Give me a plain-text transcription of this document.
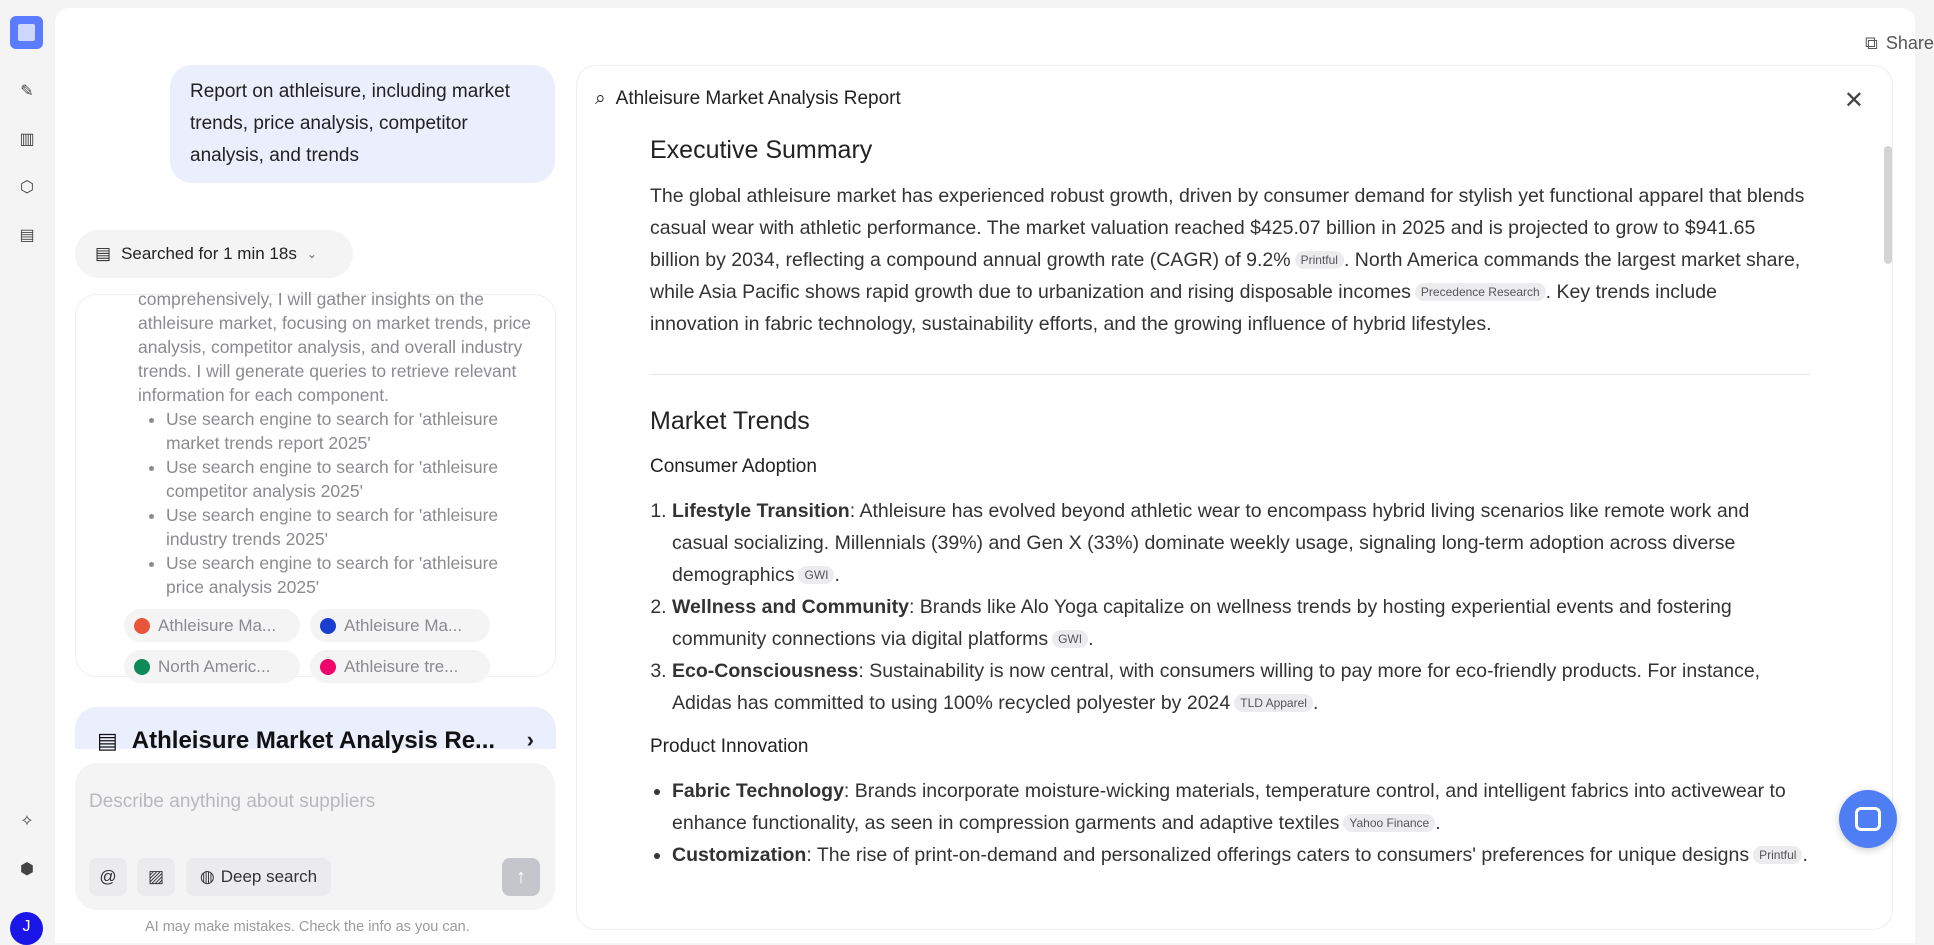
✎
▥
⬡
▤
✧
⬢
J
⧉ Share
Report on athleisure, including market trends, price analysis, competitor analysis, and trends
▤ Searched for 1 min 18s ⌄

comprehensively, I will gather insights on the athleisure market, focusing on market trends, price analysis, competitor analysis, and overall industry trends. I will generate queries to retrieve relevant information for each component.

• Use search engine to search for 'athleisure market trends report 2025'
• Use search engine to search for 'athleisure competitor analysis 2025'
• Use search engine to search for 'athleisure industry trends 2025'
• Use search engine to search for 'athleisure price analysis 2025'
Athleisure Ma...	Athleisure Ma...
North Americ...	Athleisure tre...
▤ Athleisure Market Analysis Re...	›
Describe anything about suppliers
@	▨	◍ Deep search	↑
AI may make mistakes. Check the info as you can.
⌕ Athleisure Market Analysis Report	✕
Executive Summary

The global athleisure market has experienced robust growth, driven by consumer demand for stylish yet functional apparel that blends casual wear with athletic performance. The market valuation reached $425.07 billion in 2025 and is projected to grow to $941.65 billion by 2034, reflecting a compound annual growth rate (CAGR) of 9.2% Printful . North America commands the largest market share, while Asia Pacific shows rapid growth due to urbanization and rising disposable incomes Precedence Research . Key trends include innovation in fabric technology, sustainability efforts, and the growing influence of hybrid lifestyles.

Market Trends
Consumer Adoption
1. Lifestyle Transition: Athleisure has evolved beyond athletic wear to encompass hybrid living scenarios like remote work and casual socializing. Millennials (39%) and Gen X (33%) dominate weekly usage, signaling long-term adoption across diverse demographics GWI .
2. Wellness and Community: Brands like Alo Yoga capitalize on wellness trends by hosting experiential events and fostering community connections via digital platforms GWI .
3. Eco-Consciousness: Sustainability is now central, with consumers willing to pay more for eco-friendly products. For instance, Adidas has committed to using 100% recycled polyester by 2024 TLD Apparel .
Product Innovation
• Fabric Technology: Brands incorporate moisture-wicking materials, temperature control, and intelligent fabrics into activewear to enhance functionality, as seen in compression garments and adaptive textiles Yahoo Finance .
• Customization: The rise of print-on-demand and personalized offerings caters to consumers' preferences for unique designs Printful .
